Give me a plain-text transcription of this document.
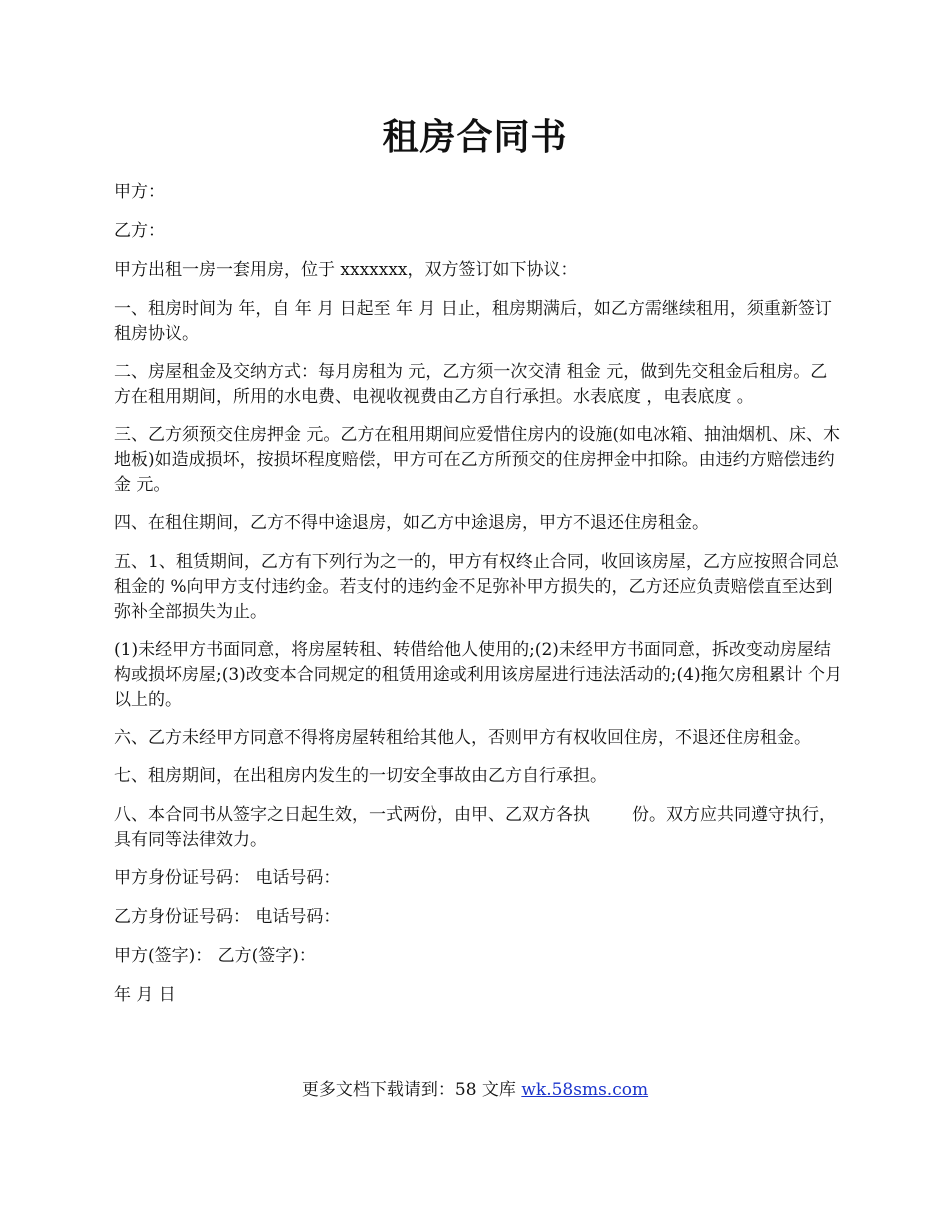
租房合同书

甲方：

乙方：

甲方出租一房一套用房，位于 xxxxxxx，双方签订如下协议：

一、租房时间为 年，自 年 月 日起至 年 月 日止，租房期满后，如乙方需继续租用，须重新签订租房协议。

二、房屋租金及交纳方式：每月房租为 元，乙方须一次交清 租金 元，做到先交租金后租房。乙方在租用期间，所用的水电费、电视收视费由乙方自行承担。水表底度 ，电表底度 。

三、乙方须预交住房押金 元。乙方在租用期间应爱惜住房内的设施(如电冰箱、抽油烟机、床、木地板)如造成损坏，按损坏程度赔偿，甲方可在乙方所预交的住房押金中扣除。由违约方赔偿违约金 元。

四、在租住期间，乙方不得中途退房，如乙方中途退房，甲方不退还住房租金。

五、1、租赁期间，乙方有下列行为之一的，甲方有权终止合同，收回该房屋，乙方应按照合同总租金的 %向甲方支付违约金。若支付的违约金不足弥补甲方损失的，乙方还应负责赔偿直至达到弥补全部损失为止。

(1)未经甲方书面同意，将房屋转租、转借给他人使用的;(2)未经甲方书面同意，拆改变动房屋结构或损坏房屋;(3)改变本合同规定的租赁用途或利用该房屋进行违法活动的;(4)拖欠房租累计 个月以上的。

六、乙方未经甲方同意不得将房屋转租给其他人，否则甲方有权收回住房，不退还住房租金。

七、租房期间，在出租房内发生的一切安全事故由乙方自行承担。

八、本合同书从签字之日起生效，一式两份，由甲、乙双方各执 份。双方应共同遵守执行，具有同等法律效力。

甲方身份证号码： 电话号码：

乙方身份证号码： 电话号码：

甲方(签字)： 乙方(签字)：

年 月 日

更多文档下载请到：58 文库 wk.58sms.com
